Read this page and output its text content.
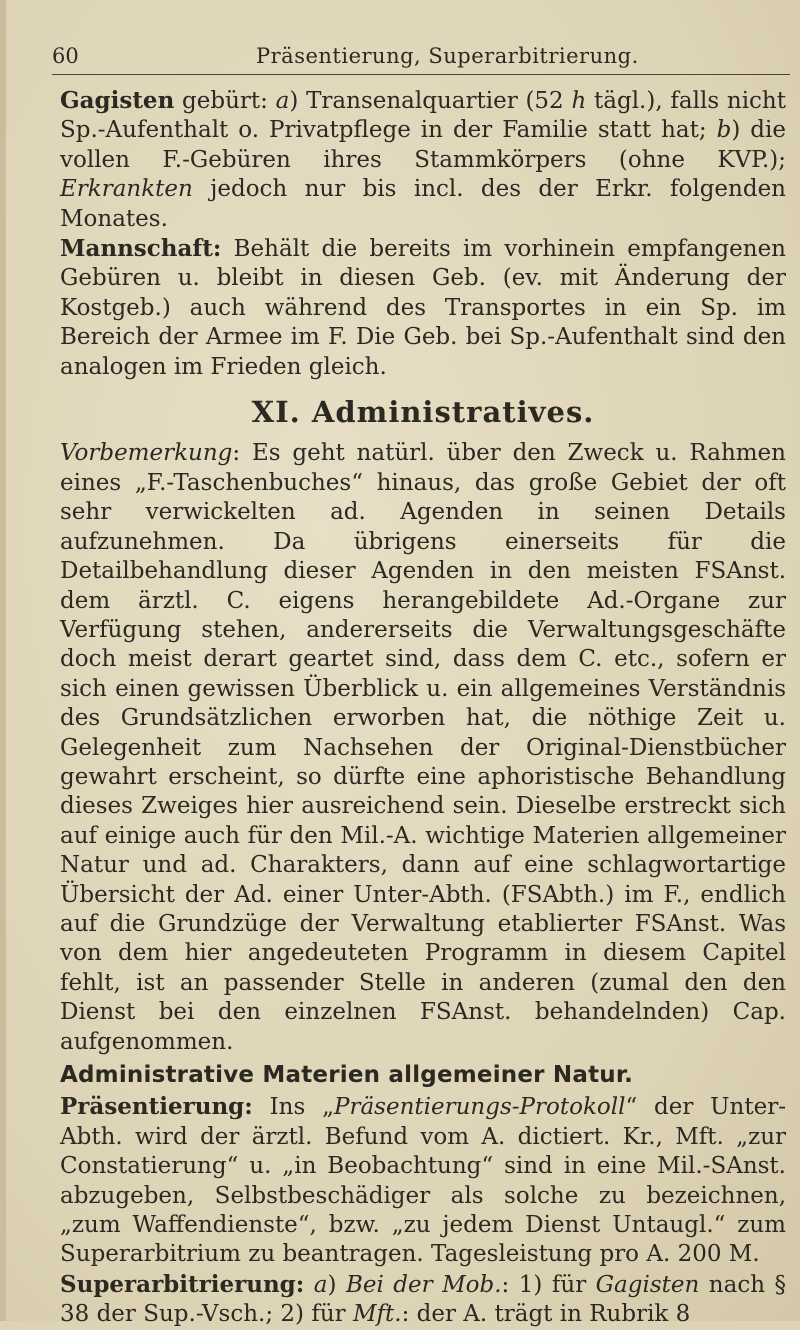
60	Präsentierung, Superarbitrierung.

Gagisten gebürt: a) Transenalquartier (52 h tägl.), falls nicht Sp.-Aufenthalt o. Privatpflege in der Familie statt hat; b) die vollen F.-Gebüren ihres Stammkörpers (ohne KVP.); Erkrankten jedoch nur bis incl. des der Erkr. folgenden Monates.

Mannschaft: Behält die bereits im vorhinein empfangenen Gebüren u. bleibt in diesen Geb. (ev. mit Änderung der Kostgeb.) auch während des Transportes in ein Sp. im Bereich der Armee im F. Die Geb. bei Sp.-Aufenthalt sind den analogen im Frieden gleich.

XI. Administratives.

Vorbemerkung: Es geht natürl. über den Zweck u. Rahmen eines „F.-Taschenbuches“ hinaus, das große Gebiet der oft sehr verwickelten ad. Agenden in seinen Details aufzunehmen. Da übrigens einerseits für die Detailbehandlung dieser Agenden in den meisten FSAnst. dem ärztl. C. eigens herangebildete Ad.-Organe zur Verfügung stehen, andererseits die Verwaltungsgeschäfte doch meist derart geartet sind, dass dem C. etc., sofern er sich einen gewissen Überblick u. ein allgemeines Verständnis des Grundsätzlichen erworben hat, die nöthige Zeit u. Gelegenheit zum Nachsehen der Original-Dienstbücher gewahrt erscheint, so dürfte eine aphoristische Behandlung dieses Zweiges hier ausreichend sein. Dieselbe erstreckt sich auf einige auch für den Mil.-A. wichtige Materien allgemeiner Natur und ad. Charakters, dann auf eine schlagwortartige Übersicht der Ad. einer Unter-Abth. (FSAbth.) im F., endlich auf die Grundzüge der Verwaltung etablierter FSAnst. Was von dem hier angedeuteten Programm in diesem Capitel fehlt, ist an passender Stelle in anderen (zumal den den Dienst bei den einzelnen FSAnst. behandelnden) Cap. aufgenommen.

Administrative Materien allgemeiner Natur.

Präsentierung: Ins „Präsentierungs-Protokoll“ der Unter-Abth. wird der ärztl. Befund vom A. dictiert. Kr., Mft. „zur Constatierung“ u. „in Beobachtung“ sind in eine Mil.-SAnst. abzugeben, Selbstbeschädiger als solche zu bezeichnen, „zum Waffendienste“, bzw. „zu jedem Dienst Untaugl.“ zum Superarbitrium zu beantragen. Tagesleistung pro A. 200 M.

Superarbitrierung: a) Bei der Mob.: 1) für Gagisten nach § 38 der Sup.-Vsch.; 2) für Mft.: der A. trägt in Rubrik 8
